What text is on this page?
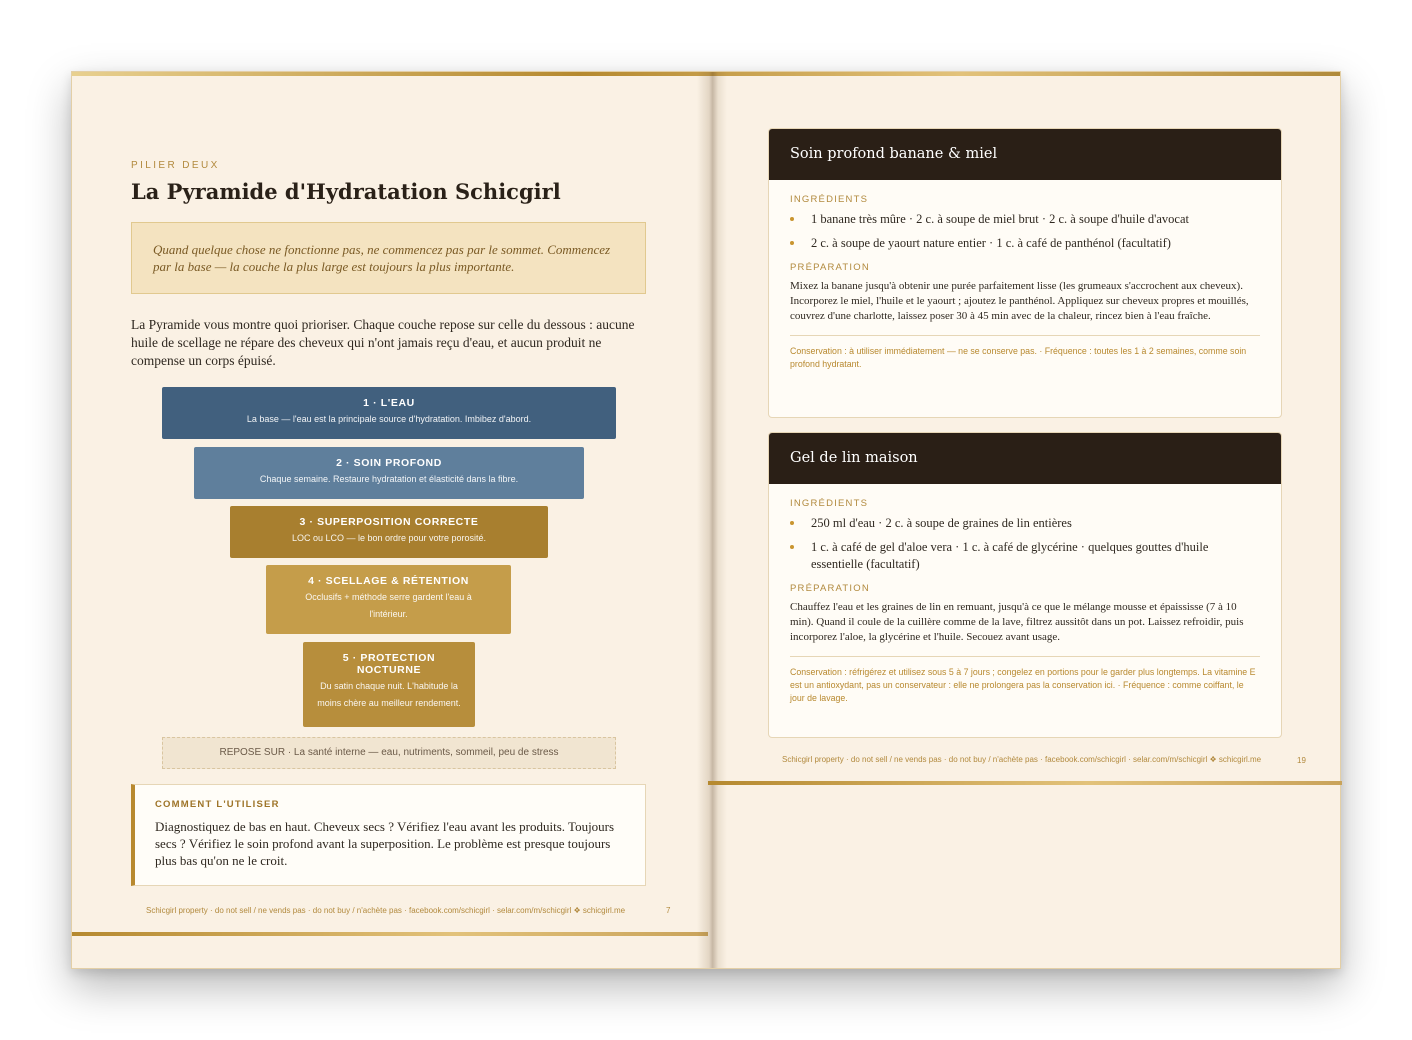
PILIER DEUX
La Pyramide d'Hydratation Schicgirl
Quand quelque chose ne fonctionne pas, ne commencez pas par le sommet. Commencez par la base — la couche la plus large est toujours la plus importante.
La Pyramide vous montre quoi prioriser. Chaque couche repose sur celle du dessous : aucune huile de scellage ne répare des cheveux qui n'ont jamais reçu d'eau, et aucun produit ne compense un corps épuisé.
1 · L'EAU
La base — l'eau est la principale source d'hydratation. Imbibez d'abord.
2 · SOIN PROFOND
Chaque semaine. Restaure hydratation et élasticité dans la fibre.
3 · SUPERPOSITION CORRECTE
LOC ou LCO — le bon ordre pour votre porosité.
4 · SCELLAGE & RÉTENTION
Occlusifs + méthode serre gardent l'eau à l'intérieur.
5 · PROTECTION NOCTURNE
Du satin chaque nuit. L'habitude la moins chère au meilleur rendement.
REPOSE SUR · La santé interne — eau, nutriments, sommeil, peu de stress
COMMENT L'UTILISER
Diagnostiquez de bas en haut. Cheveux secs ? Vérifiez l'eau avant les produits. Toujours secs ? Vérifiez le soin profond avant la superposition. Le problème est presque toujours plus bas qu'on ne le croit.
Schicgirl property · do not sell / ne vends pas · do not buy / n'achète pas · facebook.com/schicgirl · selar.com/m/schicgirl ❖ schicgirl.me	7
Soin profond banane & miel
INGRÉDIENTS
1 banane très mûre · 2 c. à soupe de miel brut · 2 c. à soupe d'huile d'avocat
2 c. à soupe de yaourt nature entier · 1 c. à café de panthénol (facultatif)
PRÉPARATION
Mixez la banane jusqu'à obtenir une purée parfaitement lisse (les grumeaux s'accrochent aux cheveux). Incorporez le miel, l'huile et le yaourt ; ajoutez le panthénol. Appliquez sur cheveux propres et mouillés, couvrez d'une charlotte, laissez poser 30 à 45 min avec de la chaleur, rincez bien à l'eau fraîche.
Conservation : à utiliser immédiatement — ne se conserve pas. · Fréquence : toutes les 1 à 2 semaines, comme soin profond hydratant.
Gel de lin maison
INGRÉDIENTS
250 ml d'eau · 2 c. à soupe de graines de lin entières
1 c. à café de gel d'aloe vera · 1 c. à café de glycérine · quelques gouttes d'huile essentielle (facultatif)
PRÉPARATION
Chauffez l'eau et les graines de lin en remuant, jusqu'à ce que le mélange mousse et épaississe (7 à 10 min). Quand il coule de la cuillère comme de la lave, filtrez aussitôt dans un pot. Laissez refroidir, puis incorporez l'aloe, la glycérine et l'huile. Secouez avant usage.
Conservation : réfrigérez et utilisez sous 5 à 7 jours ; congelez en portions pour le garder plus longtemps. La vitamine E est un antioxydant, pas un conservateur : elle ne prolongera pas la conservation ici. · Fréquence : comme coiffant, le jour de lavage.
Schicgirl property · do not sell / ne vends pas · do not buy / n'achète pas · facebook.com/schicgirl · selar.com/m/schicgirl ❖ schicgirl.me	19
